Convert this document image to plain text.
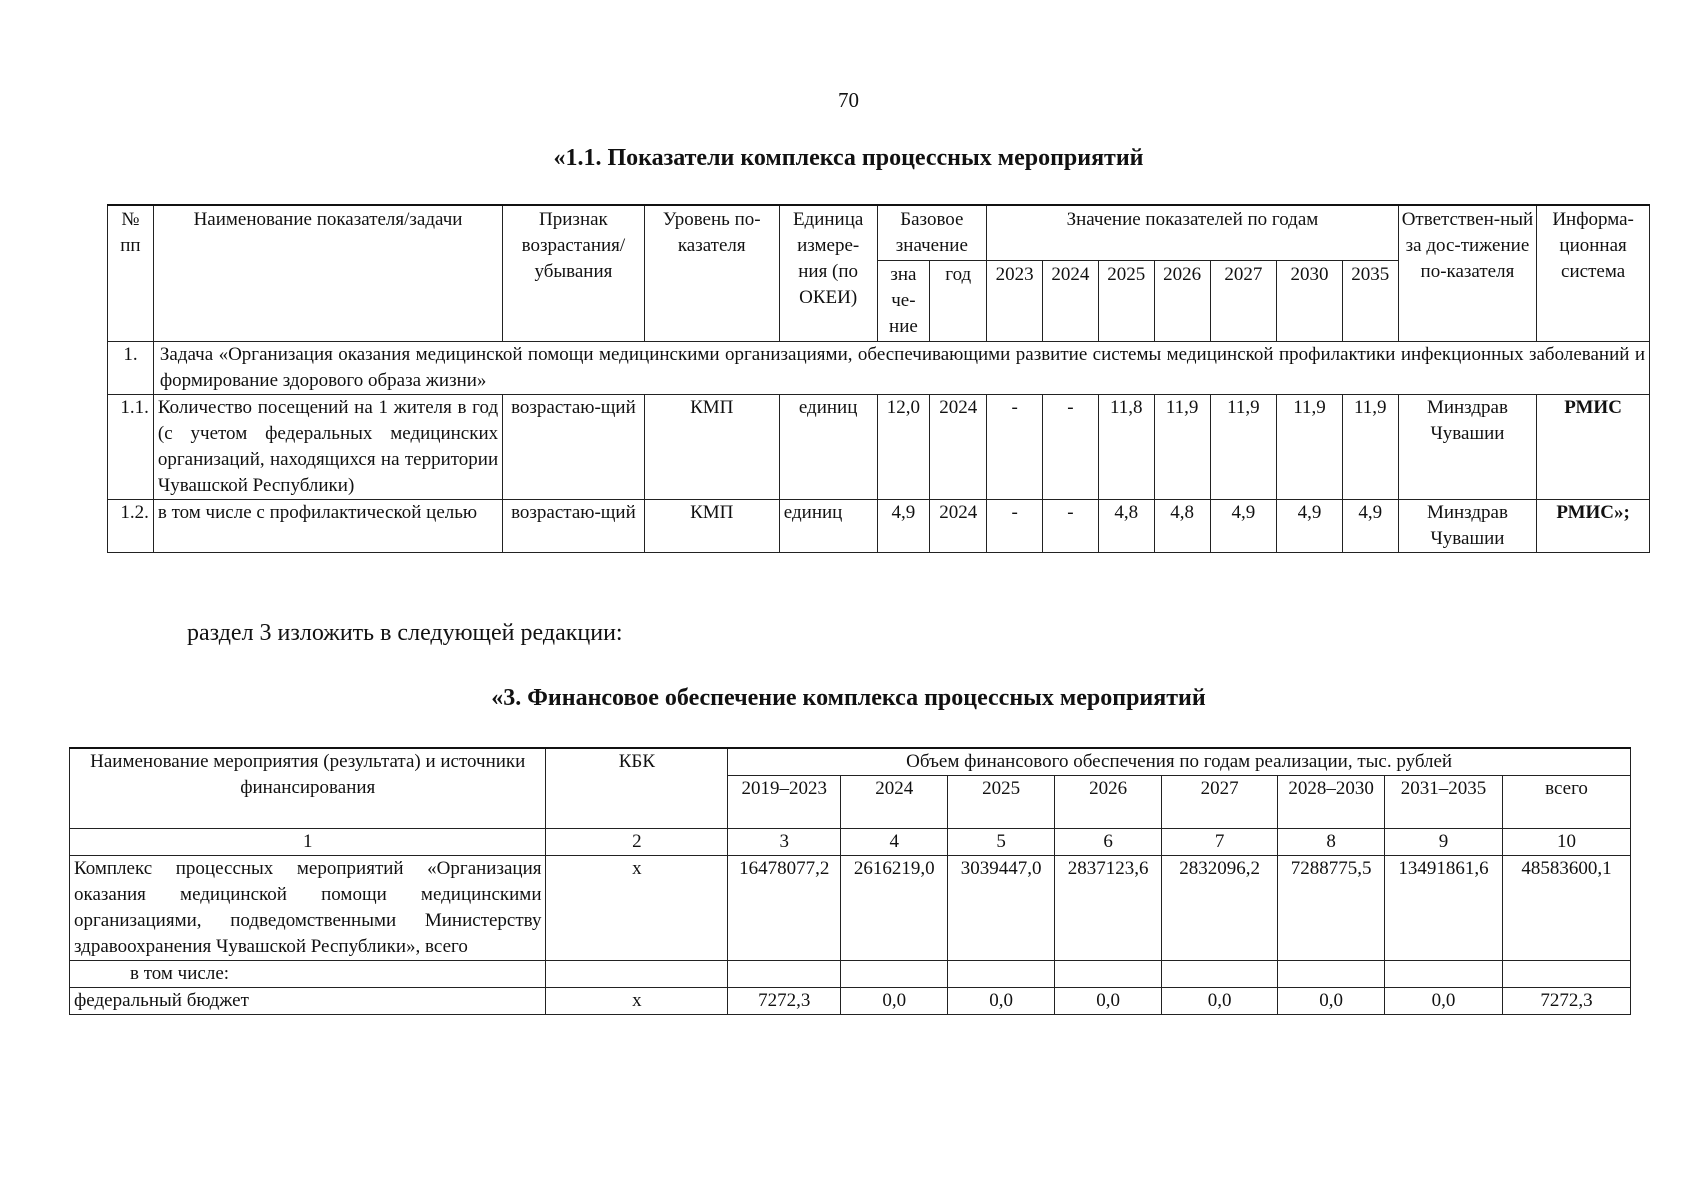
70
«1.1. Показатели комплекса процессных мероприятий
№ пп	Наименование показателя/задачи	Признак возрастания/ убывания	Уровень по-казателя	Единица измере-ния (по ОКЕИ)	Базовое значение		Значение показателей по годам							Ответствен-ный за дос-тижение по-казателя	Информа-ционная система
					зна че-ние	год	2023	2024	2025	2026	2027	2030	2035		
1.	Задача «Организация оказания медицинской помощи медицинскими организациями, обеспечивающими развитие системы медицинской профилактики инфекционных заболеваний и формирование здорового образа жизни»														
1.1.	Количество посещений на 1 жителя в год (с учетом федеральных медицинских организаций, находящихся на территории Чувашской Республики)	возрастаю-щий	КМП	единиц	12,0	2024	-	-	11,8	11,9	11,9	11,9	11,9	Минздрав Чувашии	РМИС
1.2.	в том числе с профилактической целью	возрастаю-щий	КМП	единиц	4,9	2024	-	-	4,8	4,8	4,9	4,9	4,9	Минздрав Чувашии	РМИС»;
раздел 3 изложить в следующей редакции:
«3. Финансовое обеспечение комплекса процессных мероприятий
Наименование мероприятия (результата) и источники финансирования	КБК	Объем финансового обеспечения по годам реализации, тыс. рублей							
		2019–2023	2024	2025	2026	2027	2028–2030	2031–2035	всего
1	2	3	4	5	6	7	8	9	10
Комплекс процессных мероприятий «Организация оказания медицинской помощи медицинскими организациями, подведомственными Министерству здравоохранения Чувашской Республики», всего	x	16478077,2	2616219,0	3039447,0	2837123,6	2832096,2	7288775,5	13491861,6	48583600,1
в том числе:									
федеральный бюджет	x	7272,3	0,0	0,0	0,0	0,0	0,0	0,0	7272,3
